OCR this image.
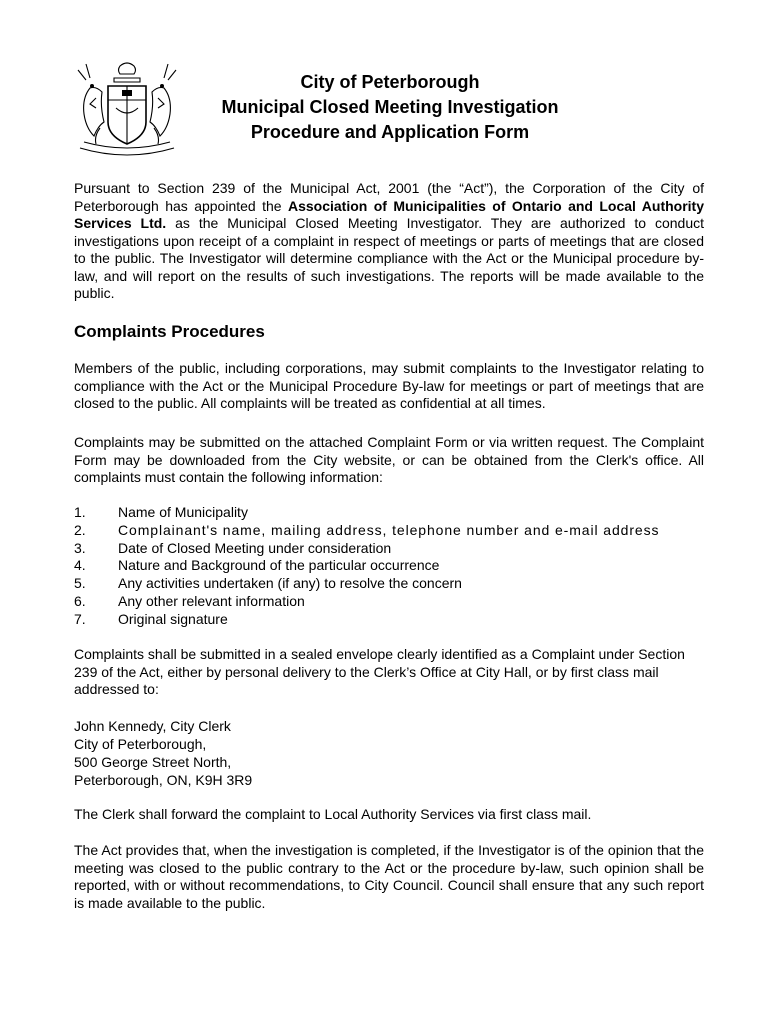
City of Peterborough
Municipal Closed Meeting Investigation
Procedure and Application Form
Pursuant to Section 239 of the Municipal Act, 2001 (the “Act”), the Corporation of the City of Peterborough has appointed the Association of Municipalities of Ontario and Local Authority Services Ltd. as the Municipal Closed Meeting Investigator. They are authorized to conduct investigations upon receipt of a complaint in respect of meetings or parts of meetings that are closed to the public. The Investigator will determine compliance with the Act or the Municipal procedure by-law, and will report on the results of such investigations. The reports will be made available to the public.
Complaints Procedures
Members of the public, including corporations, may submit complaints to the Investigator relating to compliance with the Act or the Municipal Procedure By-law for meetings or part of meetings that are closed to the public. All complaints will be treated as confidential at all times.
Complaints may be submitted on the attached Complaint Form or via written request. The Complaint Form may be downloaded from the City website, or can be obtained from the Clerk's office. All complaints must contain the following information:
1.	Name of Municipality
2.	Complainant's name, mailing address, telephone number and e-mail address
3.	Date of Closed Meeting under consideration
4.	Nature and Background of the particular occurrence
5.	Any activities undertaken (if any) to resolve the concern
6.	Any other relevant information
7.	Original signature
Complaints shall be submitted in a sealed envelope clearly identified as a Complaint under Section 239 of the Act, either by personal delivery to the Clerk’s Office at City Hall, or by first class mail addressed to:
John Kennedy, City Clerk
City of Peterborough,
500 George Street North,
Peterborough, ON, K9H 3R9
The Clerk shall forward the complaint to Local Authority Services via first class mail.
The Act provides that, when the investigation is completed, if the Investigator is of the opinion that the meeting was closed to the public contrary to the Act or the procedure by-law, such opinion shall be reported, with or without recommendations, to City Council. Council shall ensure that any such report is made available to the public.
